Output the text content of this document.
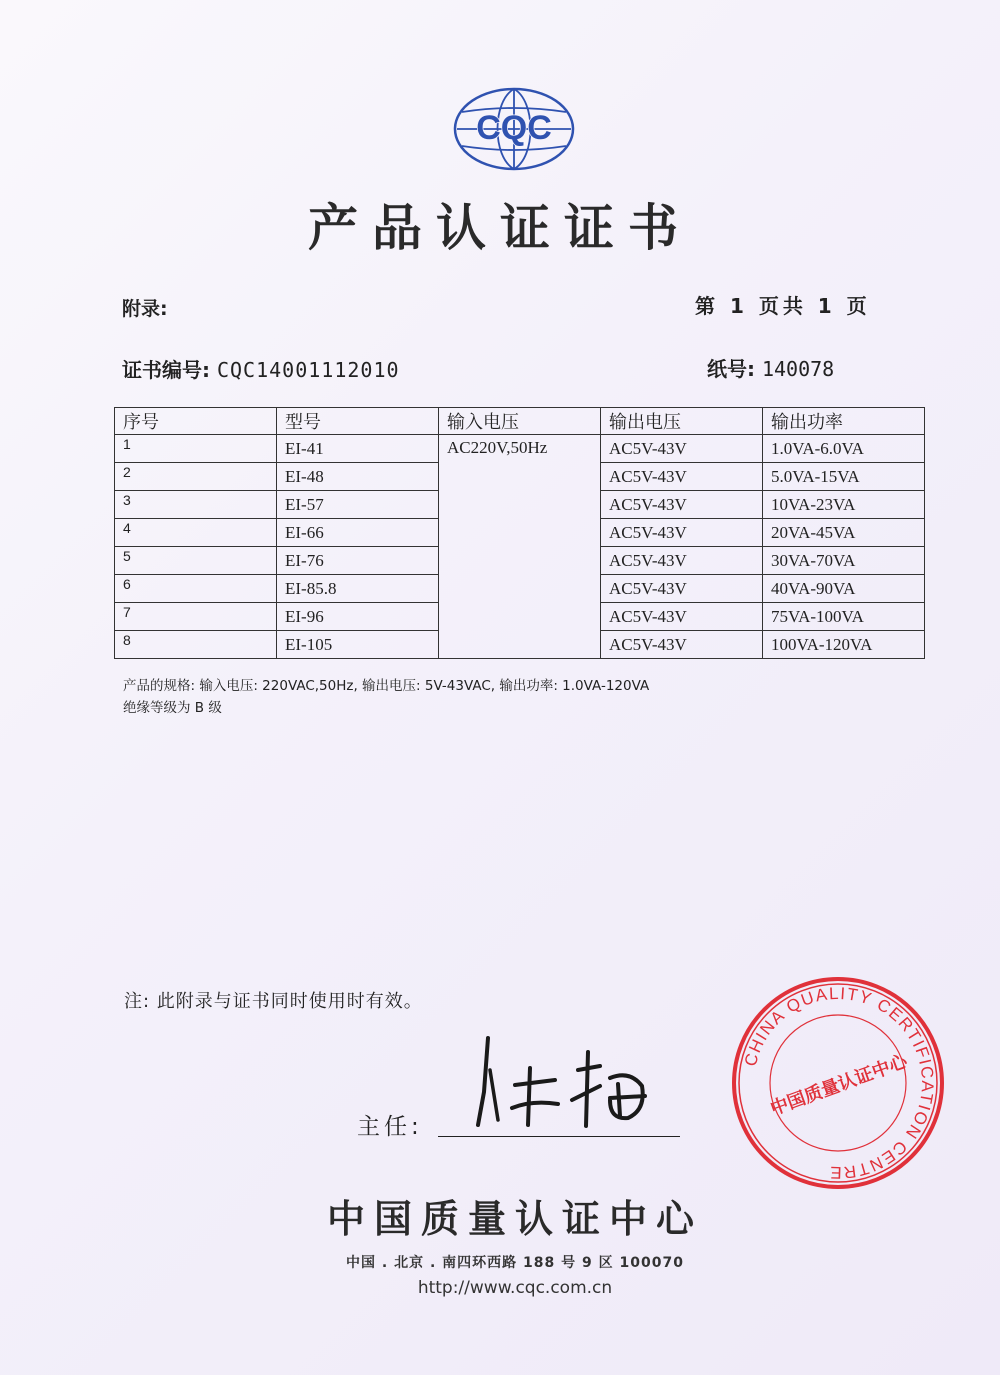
CQC
产品认证证书
附录:	第 1 页共 1 页
证书编号: CQC14001112010	纸号: 140078
序号	型号	输入电压	输出电压	输出功率
1	EI-41	AC220V,50Hz	AC5V-43V	1.0VA-6.0VA
2	EI-48		AC5V-43V	5.0VA-15VA
3	EI-57		AC5V-43V	10VA-23VA
4	EI-66		AC5V-43V	20VA-45VA
5	EI-76		AC5V-43V	30VA-70VA
6	EI-85.8		AC5V-43V	40VA-90VA
7	EI-96		AC5V-43V	75VA-100VA
8	EI-105		AC5V-43V	100VA-120VA
产品的规格: 输入电压: 220VAC,50Hz, 输出电压: 5V-43VAC, 输出功率: 1.0VA-120VA
绝缘等级为 B 级
注: 此附录与证书同时使用时有效。
主任:
CHINA QUALITY CERTIFICATION CENTRE
中国质量认证中心
中国质量认证中心
中国 . 北京 . 南四环西路 188 号 9 区 100070
http://www.cqc.com.cn
